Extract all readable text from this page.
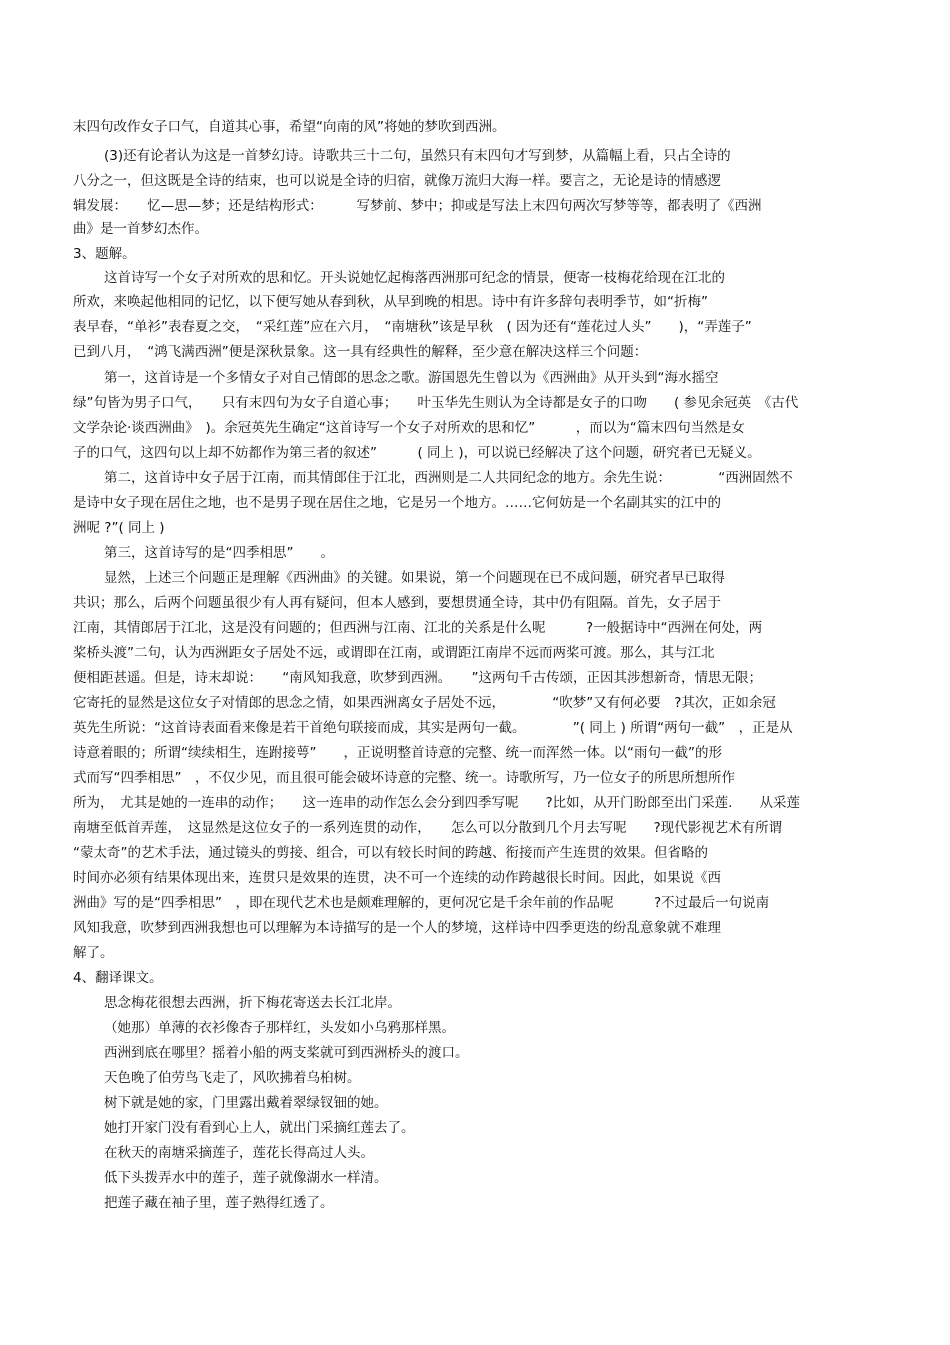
末四句改作女子口气，自道其心事，希望“向南的风”将她的梦吹到西洲。
(3)还有论者认为这是一首梦幻诗。诗歌共三十二句，虽然只有末四句才写到梦，从篇幅上看，只占全诗的
八分之一，但这既是全诗的结束，也可以说是全诗的归宿，就像万流归大海一样。要言之，无论是诗的情感逻
辑发展：　　忆—思—梦；还是结构形式：　　　写梦前、梦中；抑或是写法上末四句两次写梦等等，都表明了《西洲
曲》是一首梦幻杰作。
3、题解。
这首诗写一个女子对所欢的思和忆。开头说她忆起梅落西洲那可纪念的情景，便寄一枝梅花给现在江北的
所欢，来唤起他相同的记忆，以下便写她从春到秋，从早到晚的相思。诗中有许多辞句表明季节，如“折梅”
表早春，“单衫”表春夏之交，　“采红莲”应在六月，　“南塘秋”该是早秋　( 因为还有“莲花过人头”　　)，“弄莲子”
已到八月，　“鸿飞满西洲”便是深秋景象。这一具有经典性的解释，至少意在解决这样三个问题：
第一，这首诗是一个多情女子对自己情郎的思念之歌。游国恩先生曾以为《西洲曲》从开头到“海水摇空
绿”句皆为男子口气，　　只有末四句为女子自道心事；　　叶玉华先生则认为全诗都是女子的口吻　　( 参见余冠英　《古代
文学杂论·谈西洲曲》　)。余冠英先生确定“这首诗写一个女子对所欢的思和忆”　　　，而以为“篇末四句当然是女
子的口气，这四句以上却不妨都作为第三者的叙述”　　　( 同上 )，可以说已经解决了这个问题，研究者已无疑义。
第二，这首诗中女子居于江南，而其情郎住于江北，西洲则是二人共同纪念的地方。余先生说：　　　　“西洲固然不
是诗中女子现在居住之地，也不是男子现在居住之地，它是另一个地方。……它何妨是一个名副其实的江中的
洲呢 ?”( 同上 )
第三，这首诗写的是“四季相思”　　。
显然，上述三个问题正是理解《西洲曲》的关键。如果说，第一个问题现在已不成问题，研究者早已取得
共识；那么，后两个问题虽很少有人再有疑问，但本人感到，要想贯通全诗，其中仍有阻隔。首先，女子居于
江南，其情郎居于江北，这是没有问题的；但西洲与江南、江北的关系是什么呢　　　?一般据诗中“西洲在何处，两
桨桥头渡”二句，认为西洲距女子居处不远，或谓即在江南，或谓距江南岸不远而两桨可渡。那么，其与江北
便相距甚遥。但是，诗末却说：　　“南风知我意，吹梦到西洲。　　”这两句千古传颂，正因其涉想新奇，情思无限；
它寄托的显然是这位女子对情郎的思念之情，如果西洲离女子居处不远，　　　　“吹梦”又有何必要　?其次，正如余冠
英先生所说：“这首诗表面看来像是若干首绝句联接而成，其实是两句一截。　　　　”( 同上 ) 所谓“两句一截”　，正是从
诗意着眼的；所谓“续续相生，连跗接萼”　　，正说明整首诗意的完整、统一而浑然一体。以“雨句一截”的形
式而写“四季相思”　，不仅少见，而且很可能会破坏诗意的完整、统一。诗歌所写，乃一位女子的所思所想所作
所为，　尤其是她的一连串的动作；　　这一连串的动作怎么会分到四季写呢　　?比如，从开门盼郎至出门采莲.　　从采莲
南塘至低首弄莲，　这显然是这位女子的一系列连贯的动作，　　怎么可以分散到几个月去写呢　　?现代影视艺术有所谓
“蒙太奇”的艺术手法，通过镜头的剪接、组合，可以有较长时间的跨越、衔接而产生连贯的效果。但省略的
时间亦必须有结果体现出来，连贯只是效果的连贯，决不可一个连续的动作跨越很长时间。因此，如果说《西
洲曲》写的是“四季相思”　，即在现代艺术也是颇难理解的，更何况它是千余年前的作品呢　　　?不过最后一句说南
风知我意，吹梦到西洲我想也可以理解为本诗描写的是一个人的梦境，这样诗中四季更迭的纷乱意象就不难理
解了。
4、翻译课文。
思念梅花很想去西洲，折下梅花寄送去长江北岸。
（她那）单薄的衣衫像杏子那样红，头发如小乌鸦那样黑。
西洲到底在哪里？摇着小船的两支桨就可到西洲桥头的渡口。
天色晚了伯劳鸟飞走了，风吹拂着乌桕树。
树下就是她的家，门里露出戴着翠绿钗钿的她。
她打开家门没有看到心上人，就出门采摘红莲去了。
在秋天的南塘采摘莲子，莲花长得高过人头。
低下头拨弄水中的莲子，莲子就像湖水一样清。
把莲子藏在袖子里，莲子熟得红透了。
